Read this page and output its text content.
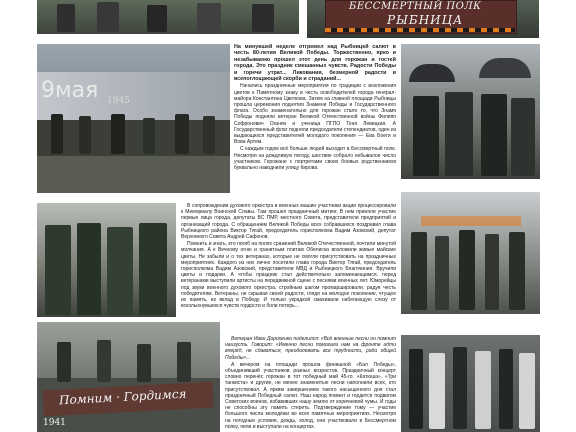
БЕССМЕРТНЫЙ ПОЛК
РЫБНИЦА
9мая 1945
Помним · Гордимся
1941

На минувшей неделе отгремел над Рыбницей салют в честь 80-летия Великой Победы. Торжественно, ярко и незабываемо прошел этот день для горожан и гостей города. Это праздник смешанных чувств. Радости Победы и горечи утрат... Ликования, безмерной радости и всепоглощающей скорби и страданий...

Начались праздничные мероприятия по традиции с возложения цветов к Памятному знаку в честь освободителей города генерал-майора Константина Цветкова. Затем на главной площади Рыбницы прошла церемония поднятия Знамени Победы и Государственного флага. Особо знаменательно для горожан стало то, что Знамя Победы подняли ветеран Великой Отечественной войны Филипп Софронович Оганян и ученица ПГПО Тоня Левицкая. А Государственный флаг подняли председатели степендиатов, один из выдающихся представителей молодого поколения — Ева Боеги и Вова Артем.

С каждым годом всё больше людей выходит в Бессмертный полк. Несмотря на дождливую погоду, шествие собрало небывалое число участников. Горожане с портретами своих боевых родственников буквально наводнили улицу Кирова.

В сопровождении духового оркестра и военных машин участники акции процессировали к Мемориалу Воинской Славы. Там прошел праздничный митинг. В нем приняли участие первые лица города, депутаты ВС ПМР, местного Совета, представители предприятий и организаций города. С обращением Великой Победы всех собравшихся поздравил глава Рыбницкого района Виктор Тягай, председатель горисполкома Вадим Азовский, депутат Верховного Совета Андрей Сафонов.

Помнить и знать, кто погиб на полях сражений Великой Отечественной, почтили минутой молчания. А к Вечному огню и гранитным плитам Обелиска возложили живые майские цветы. Не забыли и о тех ветеранах, которые не смогли присутствовать на праздничных мероприятиях. Каждого из них лично посетили глава города Виктор Тягай, председатель горисполкома Вадим Азовский, представители МВД и Рыбницкого Благочиния. Вручили цветы и подарки. А чтобы праздник стал действительно запоминающимся, перед ветеранами выступили артисты на передвижной сцене с песнями военных лет. Юморейцы под звуки военного духового оркестра, стройным шагом промаршировали, радуя честь победителям. Ветераны, не скрывая своей радости, глядя на молодое поколение, чтущее их память, их вклад в Победу. И только украдкой смахивали набегающую слезу от всколыхнувшихся чувств гордости и боли потерь...

Ветеран Иван Дорохенко поделился: «Всё военные песни он помнит наизусть. Говорит: «Именно песни помогали нам на фронте идти вперёд, не сдаваться, преодолевать все трудности, ради общей Победы»...

А вечером на площади прошла финишной «Бал Победы», объединивший участников разных возрастов. Праздничный концерт словно перенёс горожан в тот победный май 45-го. «Катюша», «Три танкиста» и другие, не менее знаменитые песни наполнили всех, кто присутствовал. А ярким завершением такого насыщенного дня стал праздничный Победный салют. Наш народ помнит и гордится подвигом Советских воинов, избавивших нашу землю от коричневой чумы. И годы не способны эту память стереть. Подтверждение тому — участие большого числа молодёжи во всех памятных мероприятиях. Несмотря на погодные условия, дождь, холод, они участвовали в Бессмертном полку, пели и выступали на концертах.
